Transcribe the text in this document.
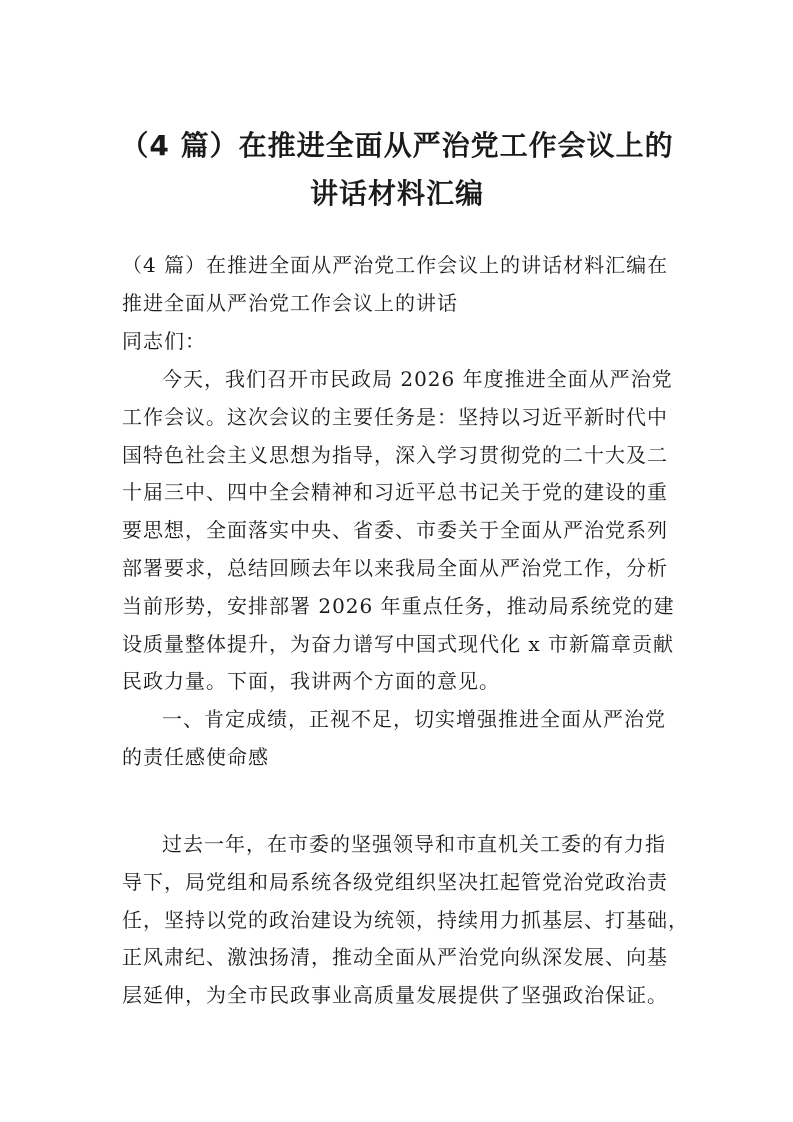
（4 篇）在推进全面从严治党工作会议上的
讲话材料汇编
（4 篇）在推进全面从严治党工作会议上的讲话材料汇编在
推进全面从严治党工作会议上的讲话
同志们：
今天，我们召开市民政局 2026 年度推进全面从严治党
工作会议。这次会议的主要任务是：坚持以习近平新时代中
国特色社会主义思想为指导，深入学习贯彻党的二十大及二
十届三中、四中全会精神和习近平总书记关于党的建设的重
要思想，全面落实中央、省委、市委关于全面从严治党系列
部署要求，总结回顾去年以来我局全面从严治党工作，分析
当前形势，安排部署 2026 年重点任务，推动局系统党的建
设质量整体提升，为奋力谱写中国式现代化 x 市新篇章贡献
民政力量。下面，我讲两个方面的意见。
一、肯定成绩，正视不足，切实增强推进全面从严治党
的责任感使命感
过去一年，在市委的坚强领导和市直机关工委的有力指
导下，局党组和局系统各级党组织坚决扛起管党治党政治责
任，坚持以党的政治建设为统领，持续用力抓基层、打基础，
正风肃纪、激浊扬清，推动全面从严治党向纵深发展、向基
层延伸，为全市民政事业高质量发展提供了坚强政治保证。
